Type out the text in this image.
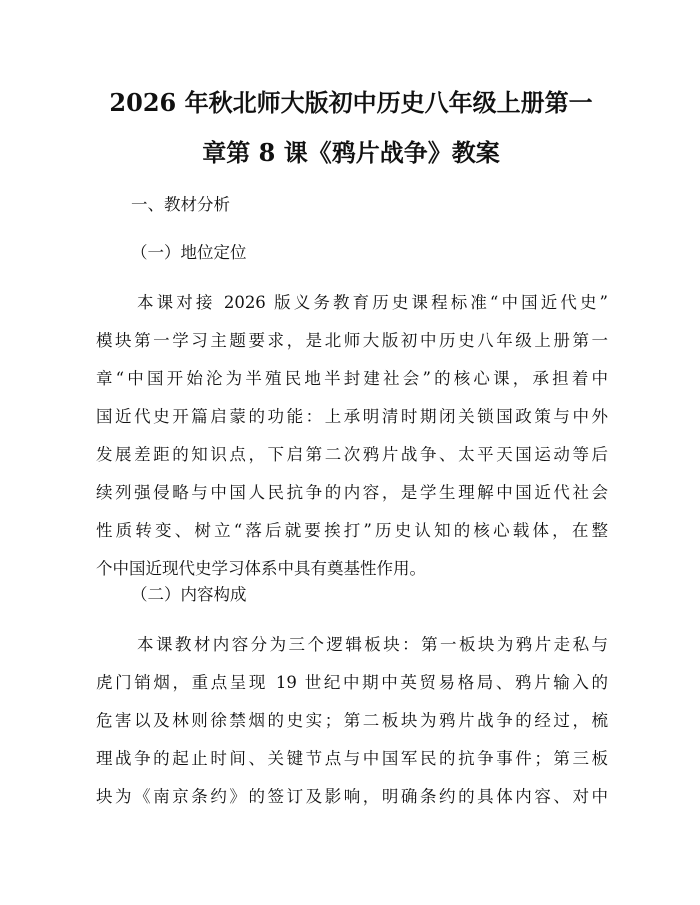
2026 年秋北师大版初中历史八年级上册第一
章第 8 课《鸦片战争》教案
一、教材分析
（一）地位定位
本课对接 2026 版义务教育历史课程标准“中国近代史”
模块第一学习主题要求，是北师大版初中历史八年级上册第一
章“中国开始沦为半殖民地半封建社会”的核心课，承担着中
国近代史开篇启蒙的功能：上承明清时期闭关锁国政策与中外
发展差距的知识点，下启第二次鸦片战争、太平天国运动等后
续列强侵略与中国人民抗争的内容，是学生理解中国近代社会
性质转变、树立“落后就要挨打”历史认知的核心载体，在整
个中国近现代史学习体系中具有奠基性作用。
（二）内容构成
本课教材内容分为三个逻辑板块：第一板块为鸦片走私与
虎门销烟，重点呈现 19 世纪中期中英贸易格局、鸦片输入的
危害以及林则徐禁烟的史实；第二板块为鸦片战争的经过，梳
理战争的起止时间、关键节点与中国军民的抗争事件；第三板
块为《南京条约》的签订及影响，明确条约的具体内容、对中
